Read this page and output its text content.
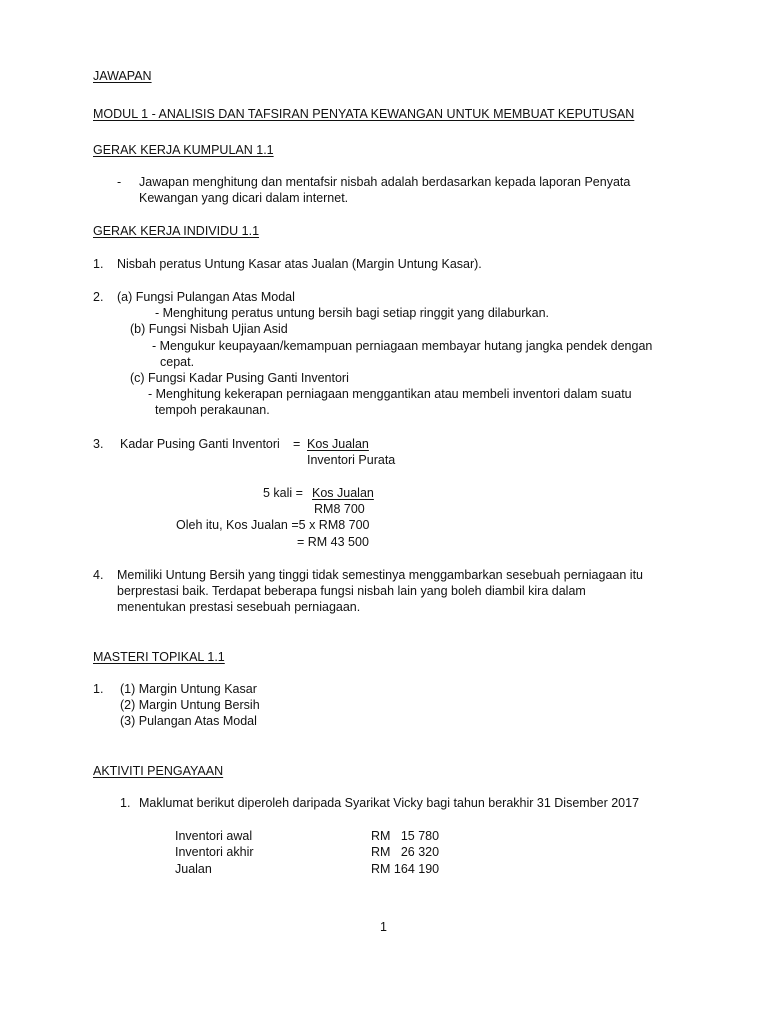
JAWAPAN
MODUL 1 - ANALISIS DAN TAFSIRAN PENYATA KEWANGAN UNTUK MEMBUAT KEPUTUSAN
GERAK KERJA KUMPULAN 1.1
- Jawapan menghitung dan mentafsir nisbah adalah berdasarkan kepada laporan Penyata
Kewangan yang dicari dalam internet.
GERAK KERJA INDIVIDU 1.1
1. Nisbah peratus Untung Kasar atas Jualan (Margin Untung Kasar).
2. (a) Fungsi Pulangan Atas Modal
- Menghitung peratus untung bersih bagi setiap ringgit yang dilaburkan.
(b) Fungsi Nisbah Ujian Asid
- Mengukur keupayaan/kemampuan perniagaan membayar hutang jangka pendek dengan
cepat.
(c) Fungsi Kadar Pusing Ganti Inventori
- Menghitung kekerapan perniagaan menggantikan atau membeli inventori dalam suatu
tempoh perakaunan.
3. Kadar Pusing Ganti Inventori = Kos Jualan
Inventori Purata
5 kali = Kos Jualan
RM8 700
Oleh itu, Kos Jualan =5 x RM8 700
= RM 43 500
4. Memiliki Untung Bersih yang tinggi tidak semestinya menggambarkan sesebuah perniagaan itu
berprestasi baik. Terdapat beberapa fungsi nisbah lain yang boleh diambil kira dalam
menentukan prestasi sesebuah perniagaan.
MASTERI TOPIKAL 1.1
1. (1) Margin Untung Kasar
(2) Margin Untung Bersih
(3) Pulangan Atas Modal
AKTIVITI PENGAYAAN
1. Maklumat berikut diperoleh daripada Syarikat Vicky bagi tahun berakhir 31 Disember 2017
Inventori awal	RM   15 780
Inventori akhir	RM   26 320
Jualan	RM 164 190
1
